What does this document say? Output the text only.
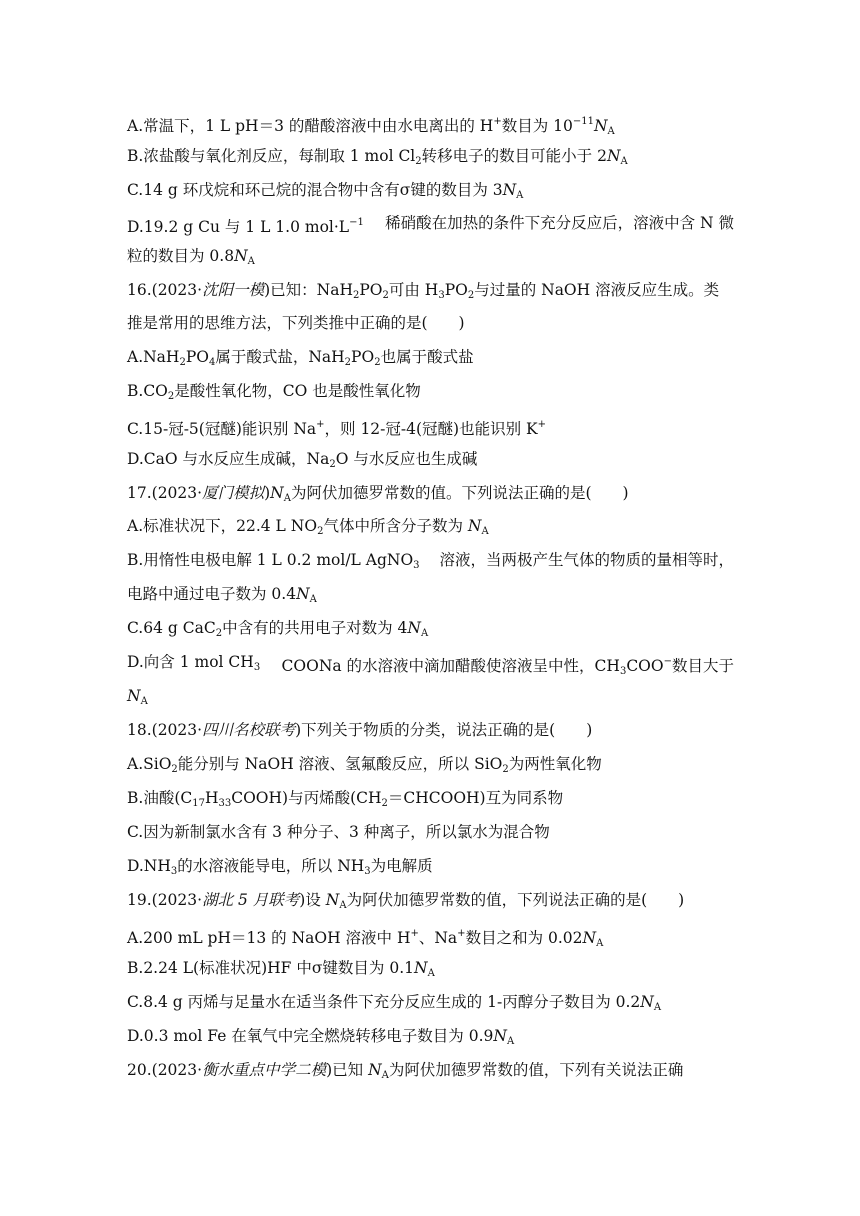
A.常温下，1 L pH＝3 的醋酸溶液中由水电离出的 H+数目为 $10^{-11}N_A$
B.浓盐酸与氧化剂反应，每制取 1 mol $Cl_2$转移电子的数目可能小于 $2N_A$
C.14 g 环戊烷和环己烷的混合物中含有σ键的数目为 $3N_A$
D.19.2 g Cu 与 1 L 1.0 $mol\cdot L^{-1}$ 稀硝酸在加热的条件下充分反应后，溶液中含 N 微
粒的数目为 $0.8N_A$
16.(2023·沈阳一模)已知：$NaH_2PO_2$可由 $H_3PO_2$与过量的 NaOH 溶液反应生成。类
推是常用的思维方法，下列类推中正确的是(　　)
$A.NaH_2PO_4$属于酸式盐，$NaH_2PO_2$也属于酸式盐
$B.CO_2$是酸性氧化物，CO 也是酸性氧化物
C.15-冠-5(冠醚)能识别 Na+，则 12-冠-4(冠醚)也能识别 K+
D.CaO 与水反应生成碱，$Na_2O$ 与水反应也生成碱
17.(2023·厦门模拟)$N_A$为阿伏加德罗常数的值。下列说法正确的是(　　)
A.标准状况下，22.4 L $NO_2$气体中所含分子数为 $N_A$
B.用惰性电极电解 1 L 0.2 mol/L AgNO$_3$ 溶液，当两极产生气体的物质的量相等时，
电路中通过电子数为 $0.4N_A$
C.64 g CaC$_2$中含有的共用电子对数为 $4N_A$
D.向含 1 mol $CH_3$ COONa 的水溶液中滴加醋酸使溶液呈中性，$CH_3COO^-$数目大于
$N_A$
18.(2023·四川名校联考)下列关于物质的分类，说法正确的是(　　)
A.SiO$_2$能分别与 NaOH 溶液、氢氟酸反应，所以 SiO$_2$为两性氧化物
B.油酸$(C_{17}H_{33}COOH)$与丙烯酸$(CH_2=CHCOOH)$互为同系物
C.因为新制氯水含有 3 种分子、3 种离子，所以氯水为混合物
$D.NH_3$的水溶液能导电，所以 $NH_3$为电解质
19.(2023·湖北 5 月联考)设 $N_A$为阿伏加德罗常数的值，下列说法正确的是(　　)
A.200 mL pH＝13 的 NaOH 溶液中 H+、Na+数目之和为 $0.02N_A$
B.2.24 L(标准状况)HF 中σ键数目为 $0.1N_A$
C.8.4 g 丙烯与足量水在适当条件下充分反应生成的 1-丙醇分子数目为 $0.2N_A$
D.0.3 mol Fe 在氧气中完全燃烧转移电子数目为 $0.9N_A$
20.(2023·衡水重点中学二模)已知 $N_A$为阿伏加德罗常数的值，下列有关说法正确
